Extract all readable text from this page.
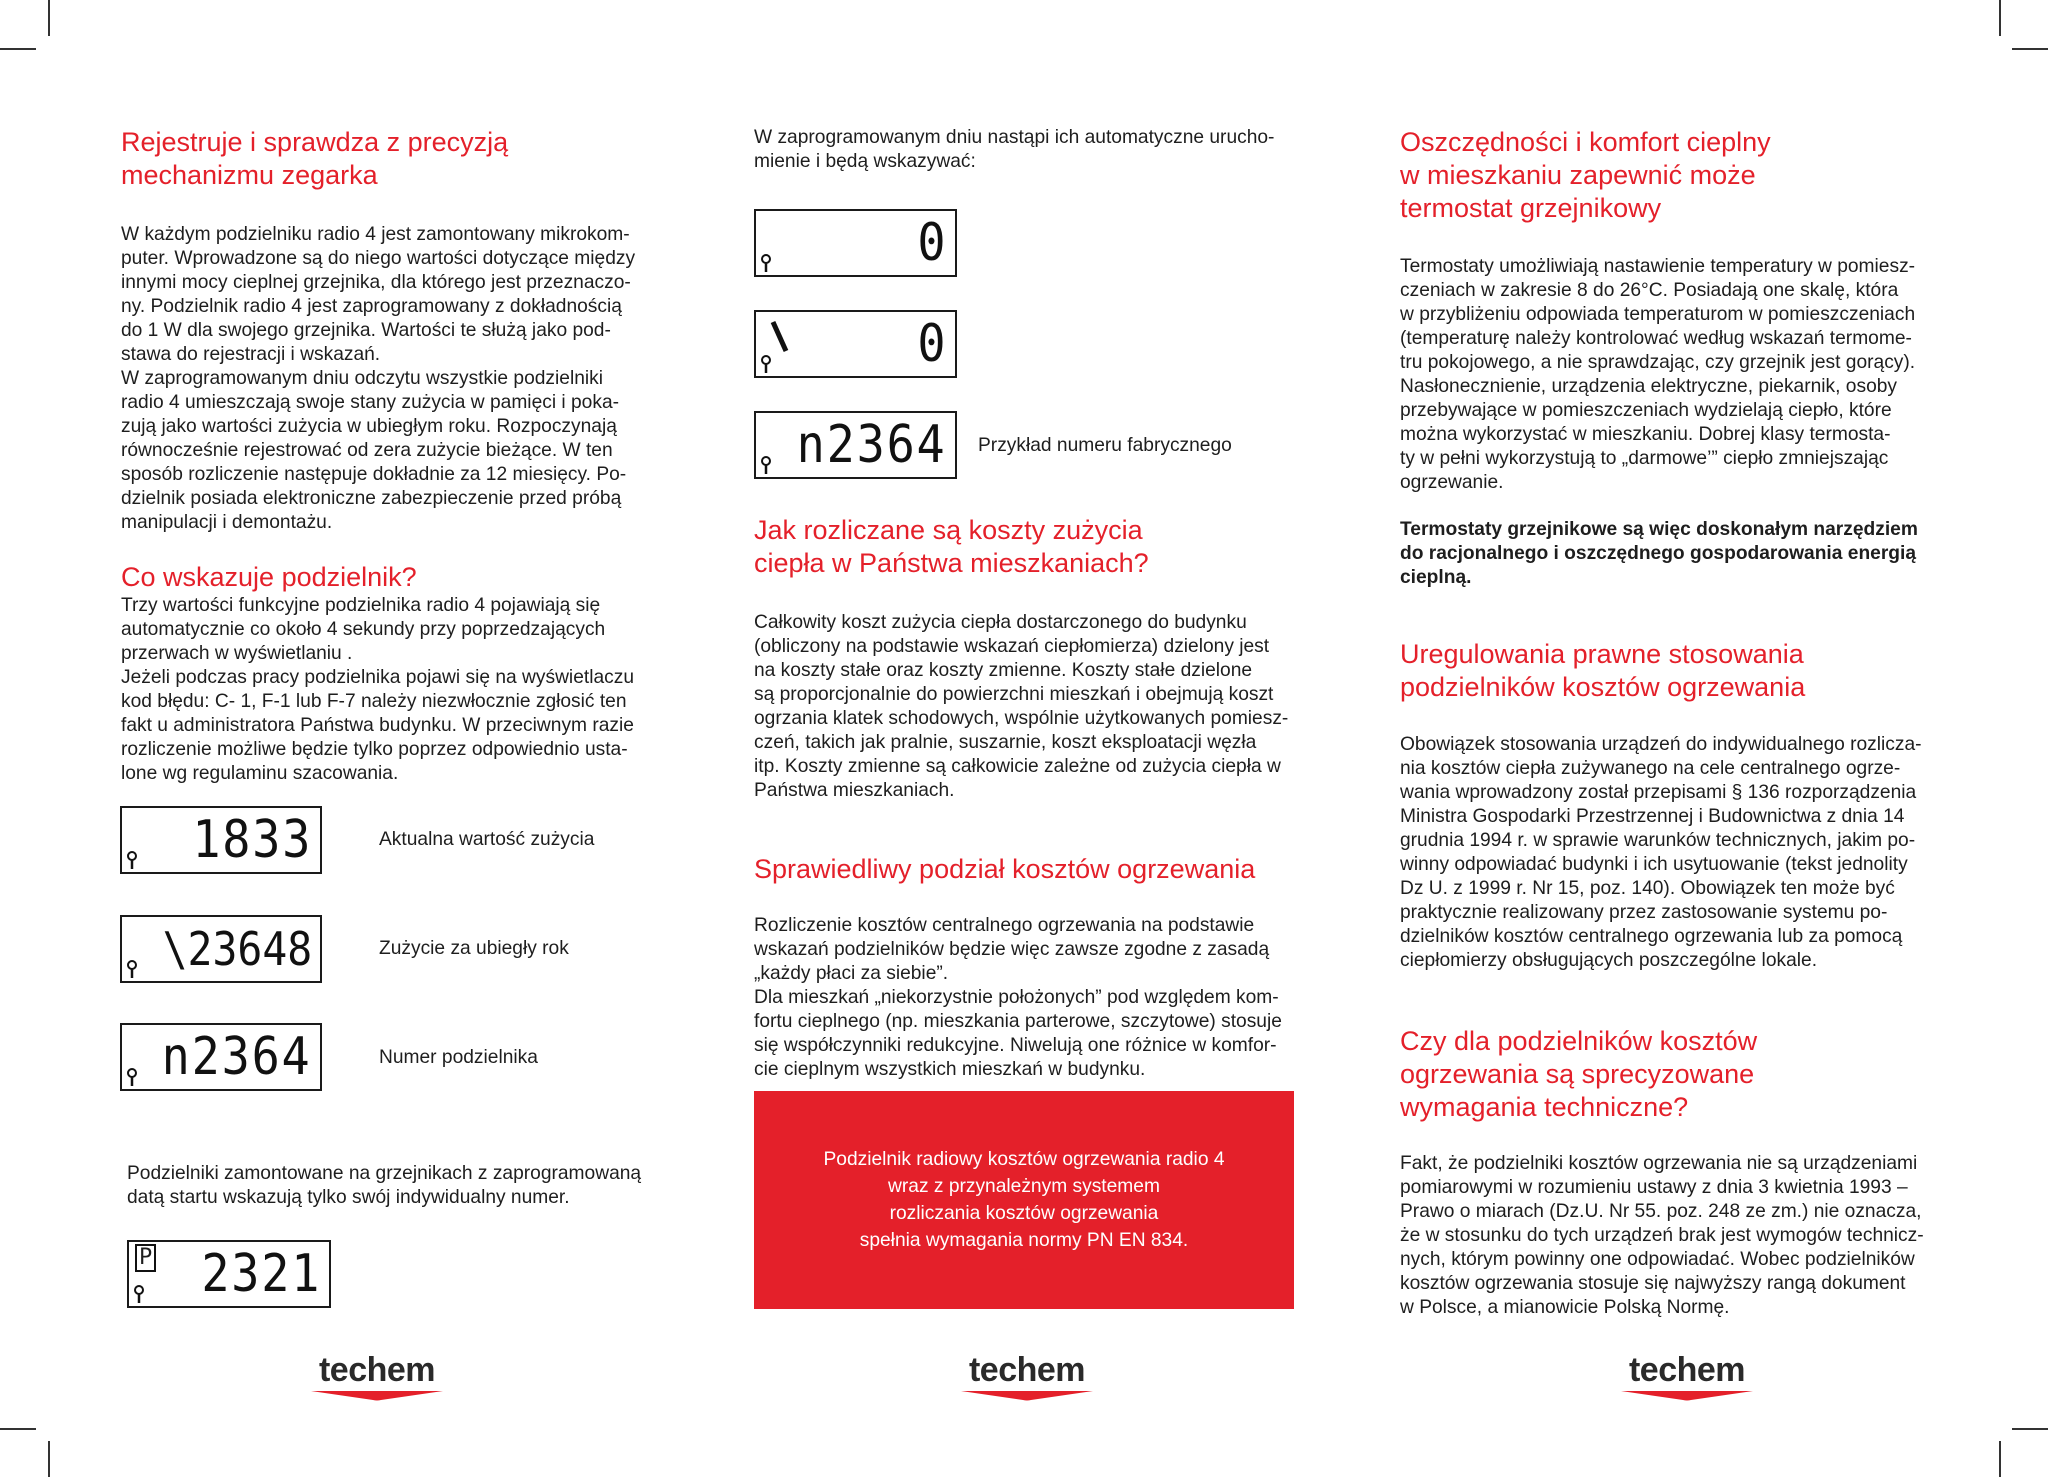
Rejestruje i sprawdza z precyzją
mechanizmu zegarka

W każdym podzielniku radio 4 jest zamontowany mikrokom-
puter. Wprowadzone są do niego wartości dotyczące między
innymi mocy cieplnej grzejnika, dla którego jest przeznaczo-
ny. Podzielnik radio 4 jest zaprogramowany z dokładnością
do 1 W dla swojego grzejnika. Wartości te służą jako pod-
stawa do rejestracji i wskazań.
W zaprogramowanym dniu odczytu wszystkie podzielniki
radio 4 umieszczają swoje stany zużycia w pamięci i poka-
zują jako wartości zużycia w ubiegłym roku. Rozpoczynają
równocześnie rejestrować od zera zużycie bieżące. W ten
sposób rozliczenie następuje dokładnie za 12 miesięcy. Po-
dzielnik posiada elektroniczne zabezpieczenie przed próbą
manipulacji i demontażu.

Co wskazuje podzielnik?

Trzy wartości funkcyjne podzielnika radio 4 pojawiają się
automatycznie co około 4 sekundy przy poprzedzających
przerwach w wyświetlaniu .
Jeżeli podczas pracy podzielnika pojawi się na wyświetlaczu
kod błędu: C- 1, F-1 lub F-7 należy niezwłocznie zgłosić ten
fakt u administratora Państwa budynku. W przeciwnym razie
rozliczenie możliwe będzie tylko poprzez odpowiednio usta-
lone wg regulaminu szacowania.

1833	Aktualna wartość zużycia
\23648	Zużycie za ubiegły rok
n2364	Numer podzielnika

Podzielniki zamontowane na grzejnikach z zaprogramowaną
datą startu wskazują tylko swój indywidualny numer.

P 2321

W zaprogramowanym dniu nastąpi ich automatyczne urucho-
mienie i będą wskazywać:

0
0
n2364 Przykład numeru fabrycznego
Jak rozliczane są koszty zużycia
ciepła w Państwa mieszkaniach?

Całkowity koszt zużycia ciepła dostarczonego do budynku
(obliczony na podstawie wskazań ciepłomierza) dzielony jest
na koszty stałe oraz koszty zmienne. Koszty stałe dzielone
są proporcjonalnie do powierzchni mieszkań i obejmują koszt
ogrzania klatek schodowych, wspólnie użytkowanych pomiesz-
czeń, takich jak pralnie, suszarnie, koszt eksploatacji węzła
itp. Koszty zmienne są całkowicie zależne od zużycia ciepła w
Państwa mieszkaniach.

Sprawiedliwy podział kosztów ogrzewania

Rozliczenie kosztów centralnego ogrzewania na podstawie
wskazań podzielników będzie więc zawsze zgodne z zasadą
„każdy płaci za siebie”.
Dla mieszkań „niekorzystnie położonych” pod względem kom-
fortu cieplnego (np. mieszkania parterowe, szczytowe) stosuje
się współczynniki redukcyjne. Niwelują one różnice w komfor-
cie cieplnym wszystkich mieszkań w budynku.

Podzielnik radiowy kosztów ogrzewania radio 4
wraz z przynależnym systemem
rozliczania kosztów ogrzewania
spełnia wymagania normy PN EN 834.

Oszczędności i komfort cieplny
w mieszkaniu zapewnić może
termostat grzejnikowy

Termostaty umożliwiają nastawienie temperatury w pomiesz-
czeniach w zakresie 8 do 26°C. Posiadają one skalę, która
w przybliżeniu odpowiada temperaturom w pomieszczeniach
(temperaturę należy kontrolować według wskazań termome-
tru pokojowego, a nie sprawdzając, czy grzejnik jest gorący).
Nasłonecznienie, urządzenia elektryczne, piekarnik, osoby
przebywające w pomieszczeniach wydzielają ciepło, które
można wykorzystać w mieszkaniu. Dobrej klasy termosta-
ty w pełni wykorzystują to „darmowe’” ciepło zmniejszając
ogrzewanie.

Termostaty grzejnikowe są więc doskonałym narzędziem
do racjonalnego i oszczędnego gospodarowania energią
cieplną.

Uregulowania prawne stosowania
podzielników kosztów ogrzewania

Obowiązek stosowania urządzeń do indywidualnego rozlicza-
nia kosztów ciepła zużywanego na cele centralnego ogrze-
wania wprowadzony został przepisami § 136 rozporządzenia
Ministra Gospodarki Przestrzennej i Budownictwa z dnia 14
grudnia 1994 r. w sprawie warunków technicznych, jakim po-
winny odpowiadać budynki i ich usytuowanie (tekst jednolity
Dz U. z 1999 r. Nr 15, poz. 140). Obowiązek ten może być
praktycznie realizowany przez zastosowanie systemu po-
dzielników kosztów centralnego ogrzewania lub za pomocą
ciepłomierzy obsługujących poszczególne lokale.

Czy dla podzielników kosztów
ogrzewania są sprecyzowane
wymagania techniczne?

Fakt, że podzielniki kosztów ogrzewania nie są urządzeniami
pomiarowymi w rozumieniu ustawy z dnia 3 kwietnia 1993 –
Prawo o miarach (Dz.U. Nr 55. poz. 248 ze zm.) nie oznacza,
że w stosunku do tych urządzeń brak jest wymogów technicz-
nych, którym powinny one odpowiadać. Wobec podzielników
kosztów ogrzewania stosuje się najwyższy rangą dokument
w Polsce, a mianowicie Polską Normę.

techem	techem	techem
